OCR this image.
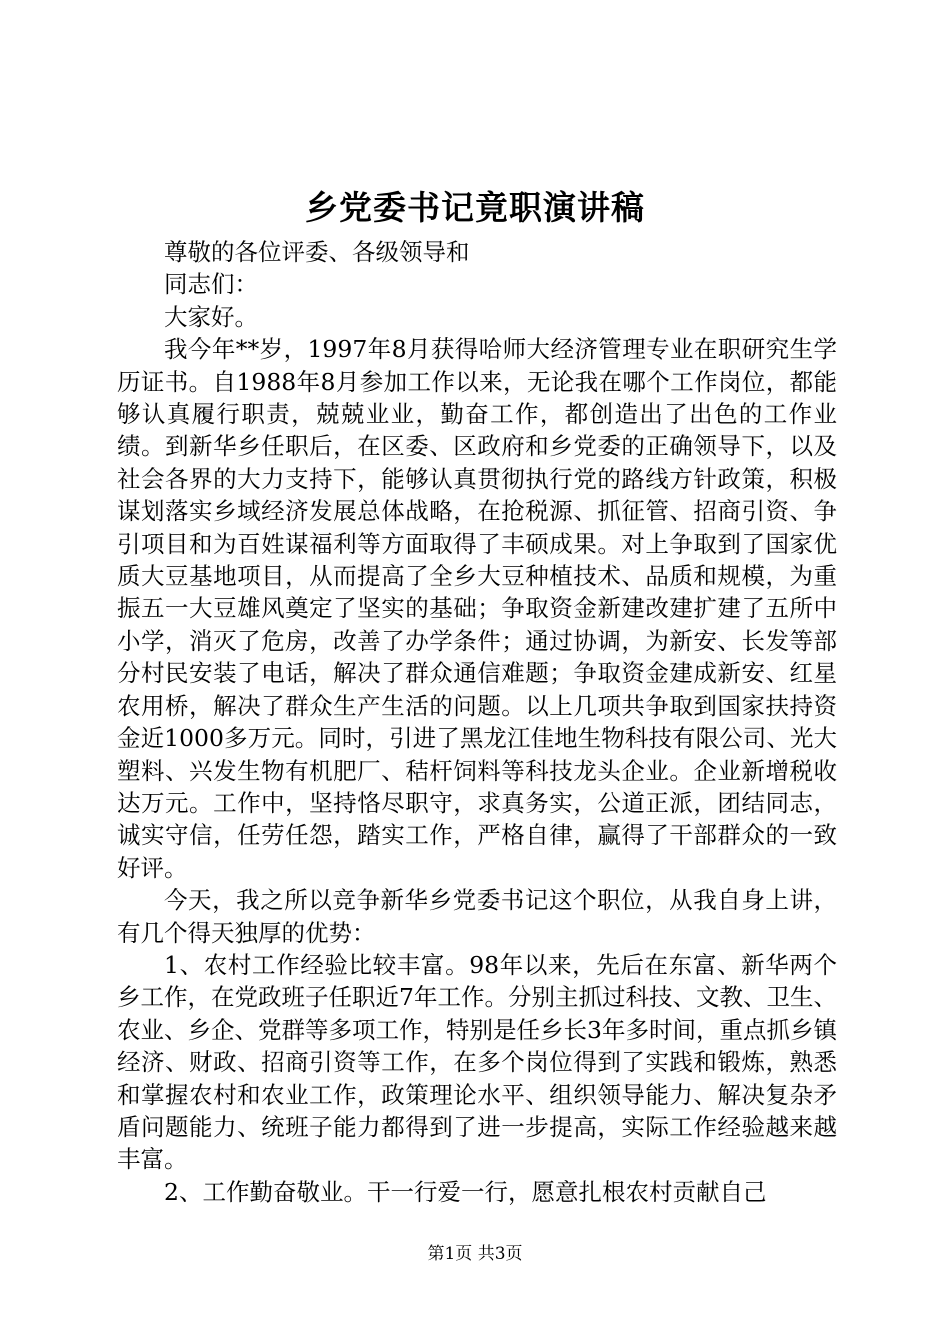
乡党委书记竟职演讲稿

尊敬的各位评委、各级领导和

同志们：

大家好。

我今年**岁，1997年8月获得哈师大经济管理专业在职研究生学历证书。自1988年8月参加工作以来，无论我在哪个工作岗位，都能够认真履行职责，兢兢业业，勤奋工作，都创造出了出色的工作业绩。到新华乡任职后，在区委、区政府和乡党委的正确领导下，以及社会各界的大力支持下，能够认真贯彻执行党的路线方针政策，积极谋划落实乡域经济发展总体战略，在抢税源、抓征管、招商引资、争引项目和为百姓谋福利等方面取得了丰硕成果。对上争取到了国家优质大豆基地项目，从而提高了全乡大豆种植技术、品质和规模，为重振五一大豆雄风奠定了坚实的基础；争取资金新建改建扩建了五所中小学，消灭了危房，改善了办学条件；通过协调，为新安、长发等部分村民安装了电话，解决了群众通信难题；争取资金建成新安、红星农用桥，解决了群众生产生活的问题。以上几项共争取到国家扶持资金近1000多万元。同时，引进了黑龙江佳地生物科技有限公司、光大塑料、兴发生物有机肥厂、秸杆饲料等科技龙头企业。企业新增税收达万元。工作中，坚持恪尽职守，求真务实，公道正派，团结同志，诚实守信，任劳任怨，踏实工作，严格自律，赢得了干部群众的一致好评。

今天，我之所以竞争新华乡党委书记这个职位，从我自身上讲，有几个得天独厚的优势：

1、农村工作经验比较丰富。98年以来，先后在东富、新华两个乡工作，在党政班子任职近7年工作。分别主抓过科技、文教、卫生、农业、乡企、党群等多项工作，特别是任乡长3年多时间，重点抓乡镇经济、财政、招商引资等工作，在多个岗位得到了实践和锻炼，熟悉和掌握农村和农业工作，政策理论水平、组织领导能力、解决复杂矛盾问题能力、统班子能力都得到了进一步提高，实际工作经验越来越丰富。

2、工作勤奋敬业。干一行爱一行，愿意扎根农村贡献自己

第1页 共3页
